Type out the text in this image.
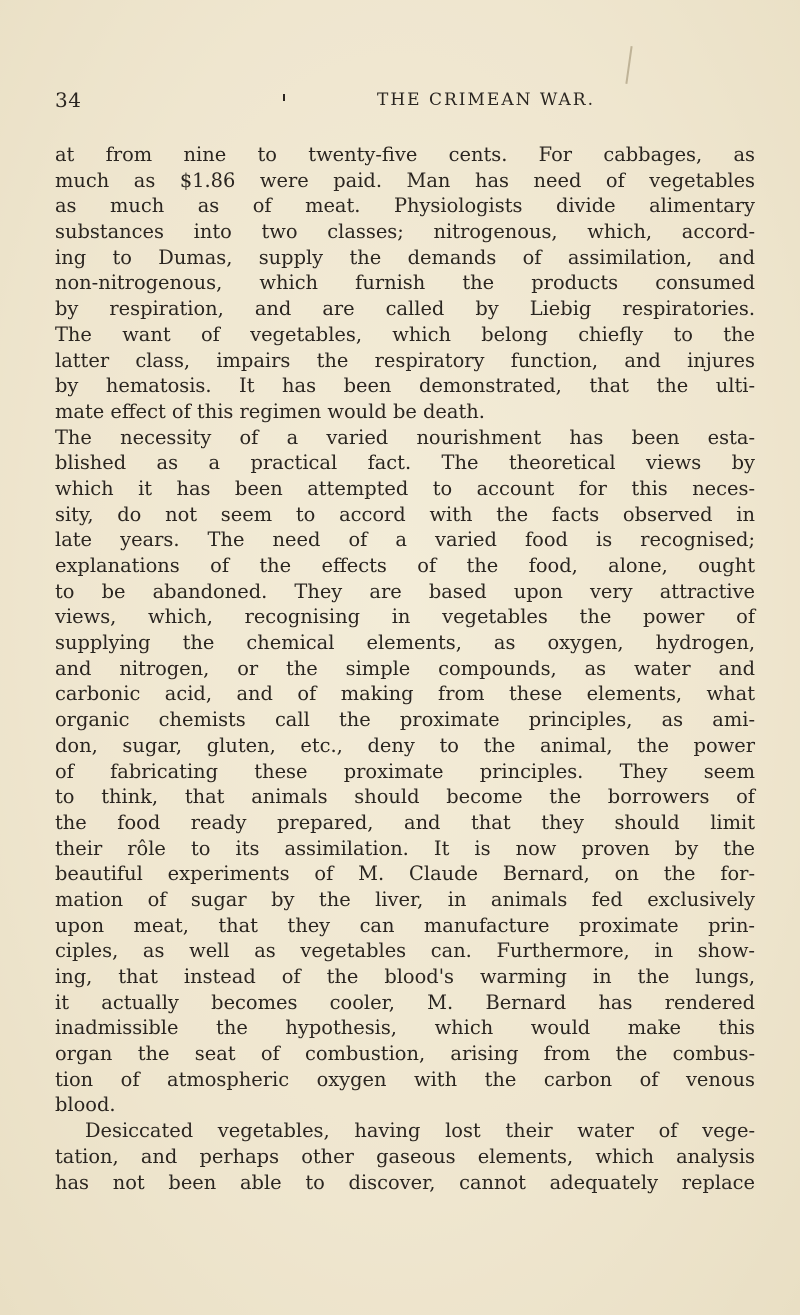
34	THE CRIMEAN WAR.
at from nine to twenty-five cents. For cabbages, as
much as $1.86 were paid. Man has need of vegetables
as much as of meat. Physiologists divide alimentary
substances into two classes; nitrogenous, which, accord-
ing to Dumas, supply the demands of assimilation, and
non-nitrogenous, which furnish the products consumed
by respiration, and are called by Liebig respiratories.
The want of vegetables, which belong chiefly to the
latter class, impairs the respiratory function, and injures
by hematosis. It has been demonstrated, that the ulti-
mate effect of this regimen would be death.
The necessity of a varied nourishment has been esta-
blished as a practical fact. The theoretical views by
which it has been attempted to account for this neces-
sity, do not seem to accord with the facts observed in
late years. The need of a varied food is recognised;
explanations of the effects of the food, alone, ought
to be abandoned. They are based upon very attractive
views, which, recognising in vegetables the power of
supplying the chemical elements, as oxygen, hydrogen,
and nitrogen, or the simple compounds, as water and
carbonic acid, and of making from these elements, what
organic chemists call the proximate principles, as ami-
don, sugar, gluten, etc., deny to the animal, the power
of fabricating these proximate principles. They seem
to think, that animals should become the borrowers of
the food ready prepared, and that they should limit
their rôle to its assimilation. It is now proven by the
beautiful experiments of M. Claude Bernard, on the for-
mation of sugar by the liver, in animals fed exclusively
upon meat, that they can manufacture proximate prin-
ciples, as well as vegetables can. Furthermore, in show-
ing, that instead of the blood's warming in the lungs,
it actually becomes cooler, M. Bernard has rendered
inadmissible the hypothesis, which would make this
organ the seat of combustion, arising from the combus-
tion of atmospheric oxygen with the carbon of venous
blood.
Desiccated vegetables, having lost their water of vege-
tation, and perhaps other gaseous elements, which analysis
has not been able to discover, cannot adequately replace
